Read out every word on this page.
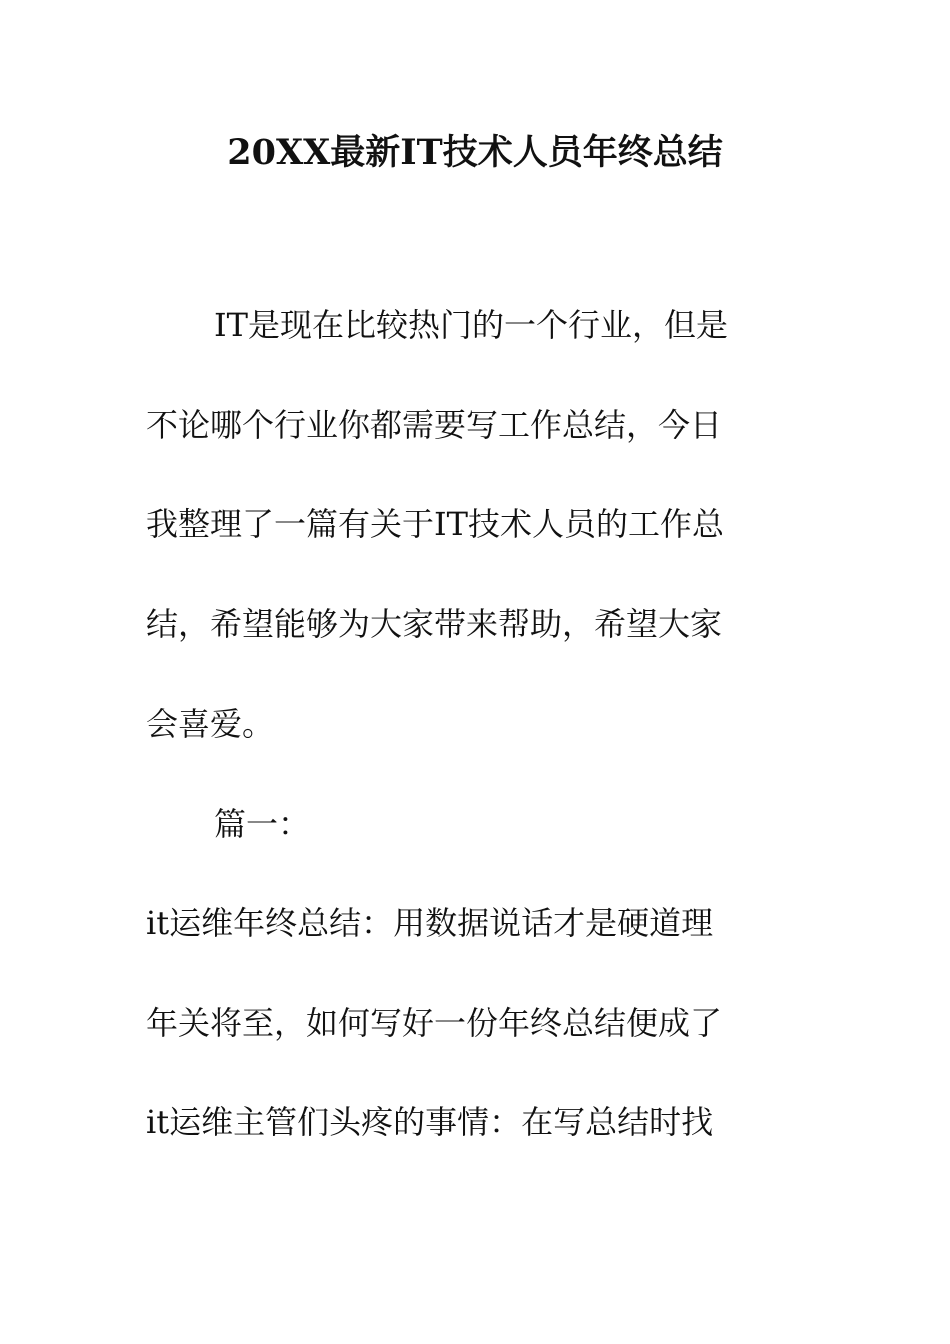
20XX最新IT技术人员年终总结
IT是现在比较热门的一个行业，但是
不论哪个行业你都需要写工作总结，今日
我整理了一篇有关于IT技术人员的工作总
结，希望能够为大家带来帮助，希望大家
会喜爱。
篇一：
it运维年终总结：用数据说话才是硬道理
年关将至，如何写好一份年终总结便成了
it运维主管们头疼的事情：在写总结时找
